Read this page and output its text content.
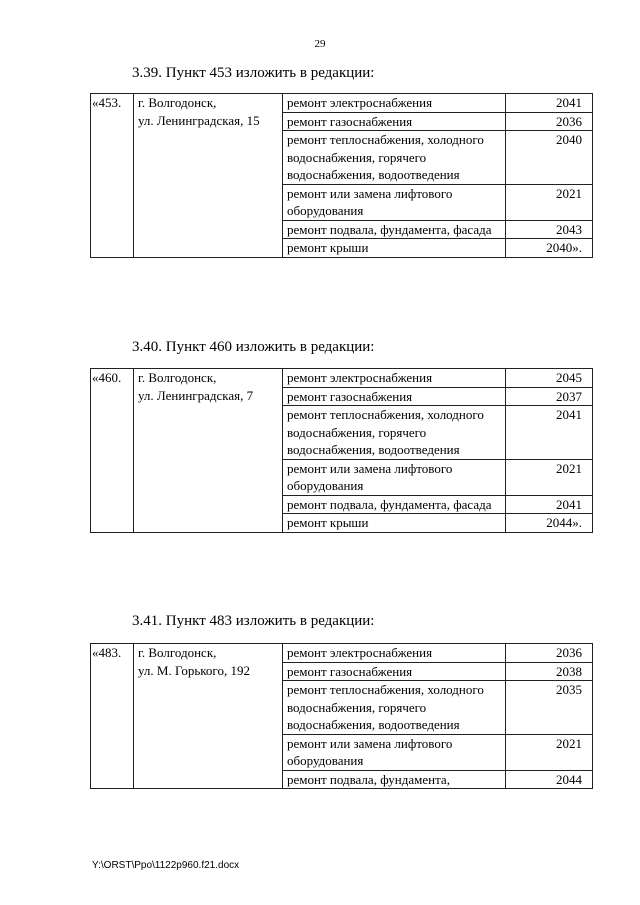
29
3.39. Пункт 453 изложить в редакции:
«453.	г. Волгодонск,
ул. Ленинградская, 15	ремонт электроснабжения	2041
		ремонт газоснабжения	2036
		ремонт теплоснабжения, холодного водоснабжения, горячего водоснабжения, водоотведения	2040
		ремонт или замена лифтового оборудования	2021
		ремонт подвала, фундамента, фасада	2043
		ремонт крыши	2040».
3.40. Пункт 460 изложить в редакции:
«460.	г. Волгодонск,
ул. Ленинградская, 7	ремонт электроснабжения	2045
		ремонт газоснабжения	2037
		ремонт теплоснабжения, холодного водоснабжения, горячего водоснабжения, водоотведения	2041
		ремонт или замена лифтового оборудования	2021
		ремонт подвала, фундамента, фасада	2041
		ремонт крыши	2044».
3.41. Пункт 483 изложить в редакции:
«483.	г. Волгодонск,
ул. М. Горького, 192	ремонт электроснабжения	2036
		ремонт газоснабжения	2038
		ремонт теплоснабжения, холодного водоснабжения, горячего водоснабжения, водоотведения	2035
		ремонт или замена лифтового оборудования	2021
		ремонт подвала, фундамента,	2044
Y:\ORST\Ppo\1122p960.f21.docx
